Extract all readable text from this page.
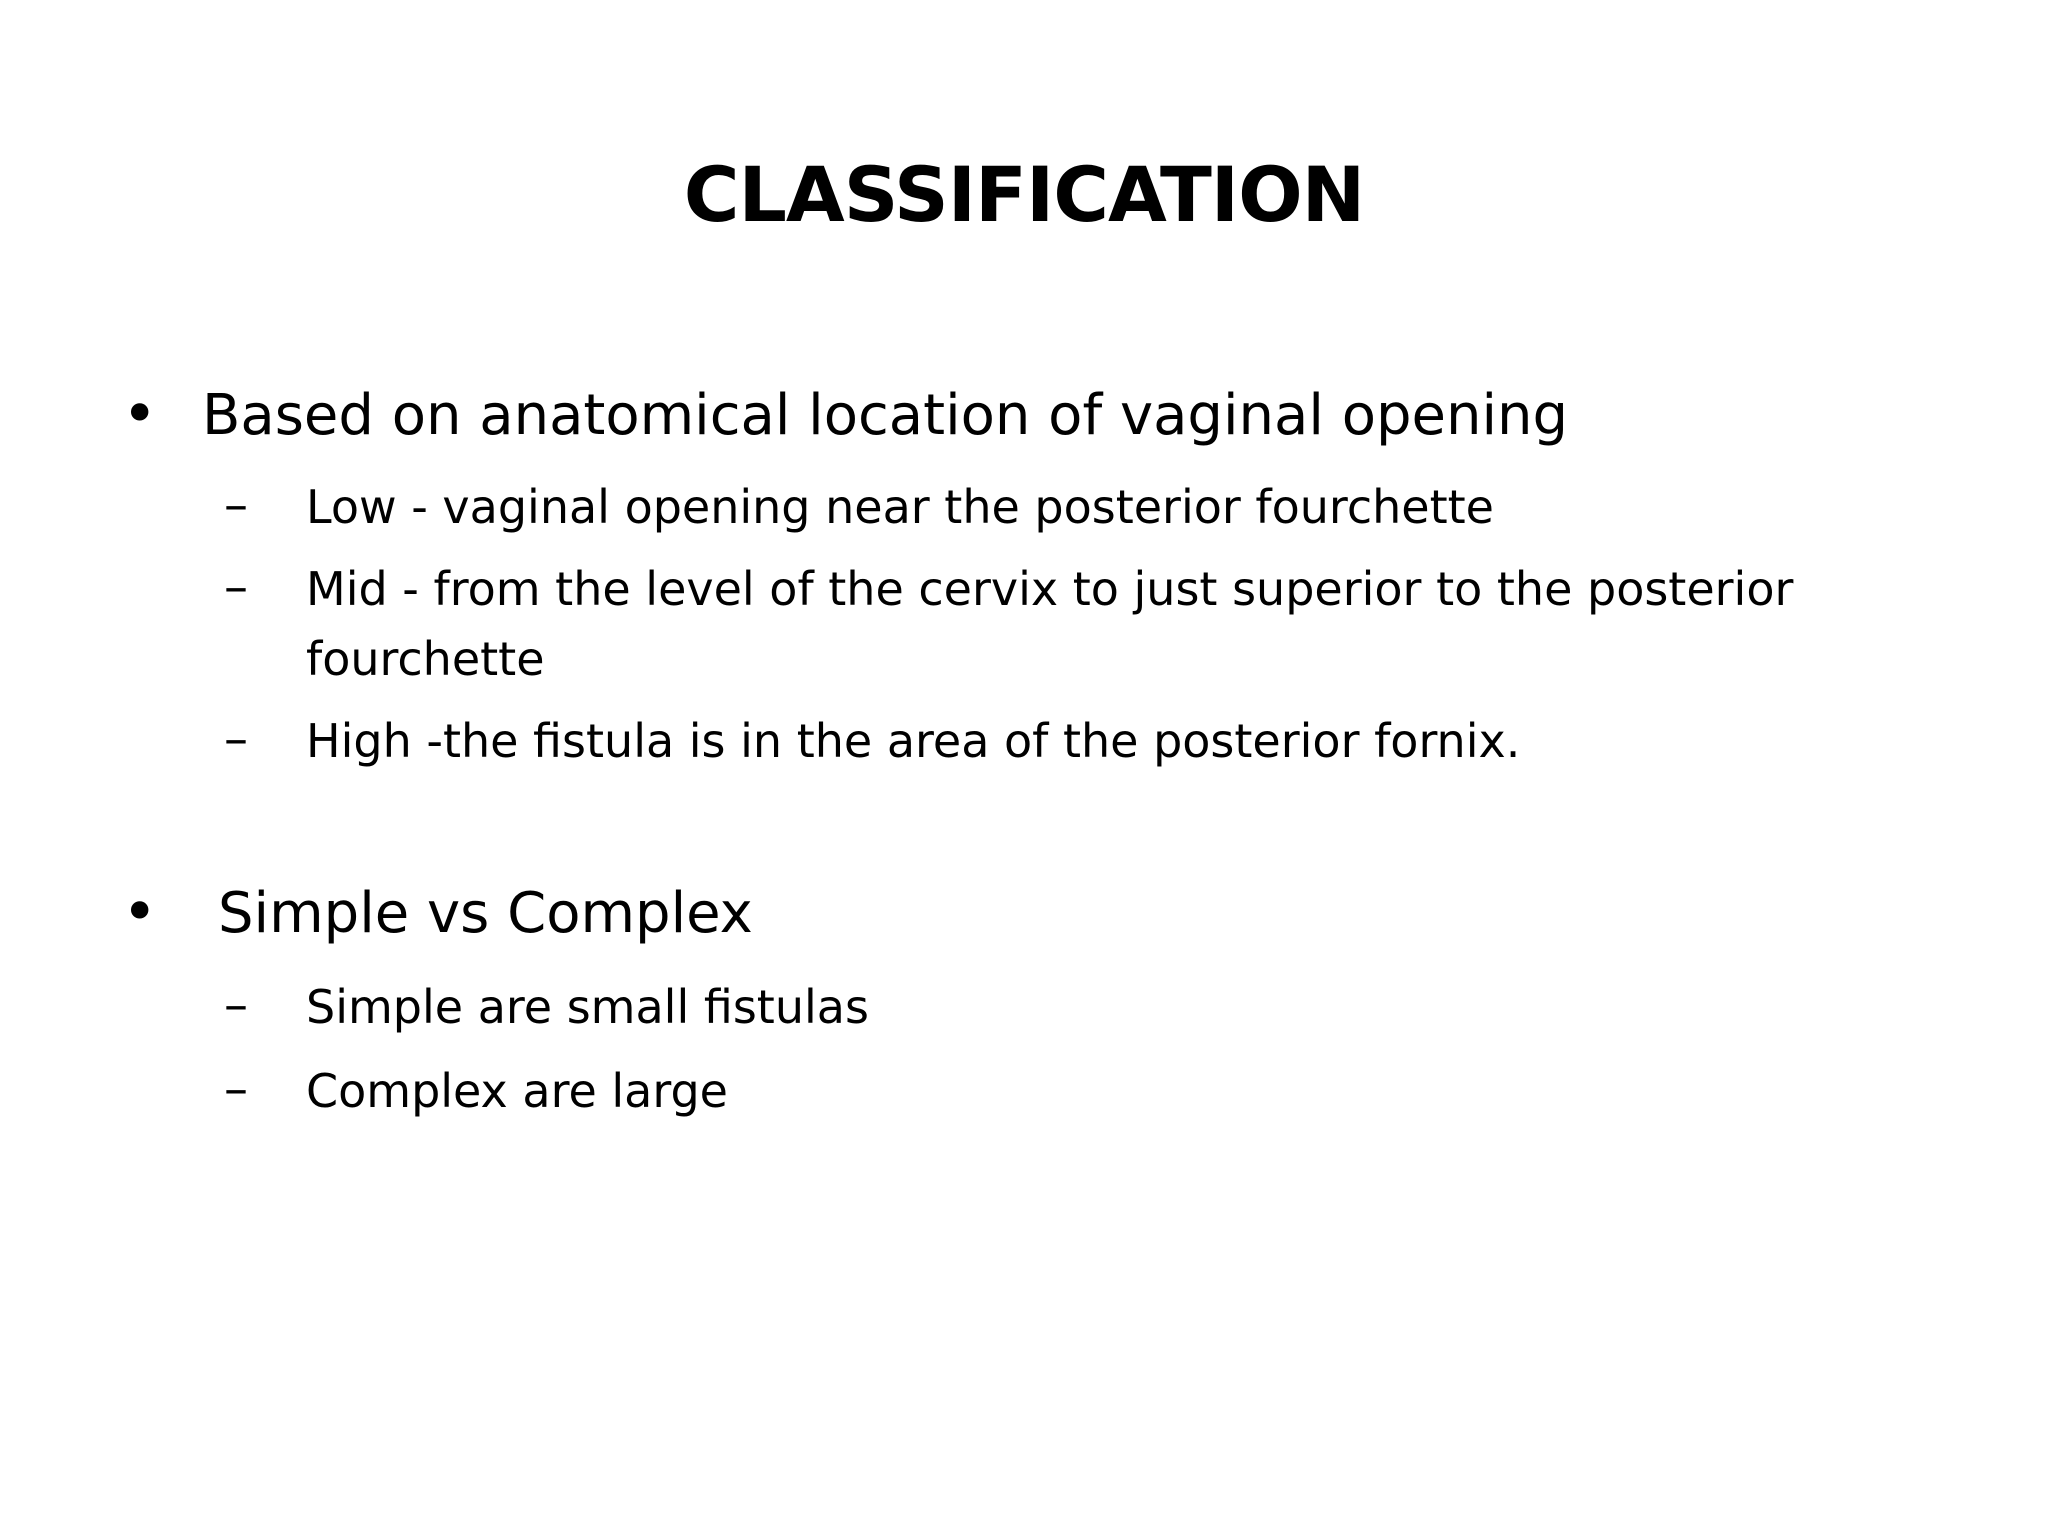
CLASSIFICATION
• Based on anatomical location of vaginal opening
– Low - vaginal opening near the posterior fourchette
– Mid - from the level of the cervix to just superior to the posterior
fourchette
– High -the fistula is in the area of the posterior fornix.
• Simple vs Complex
– Simple are small fistulas
– Complex are large
